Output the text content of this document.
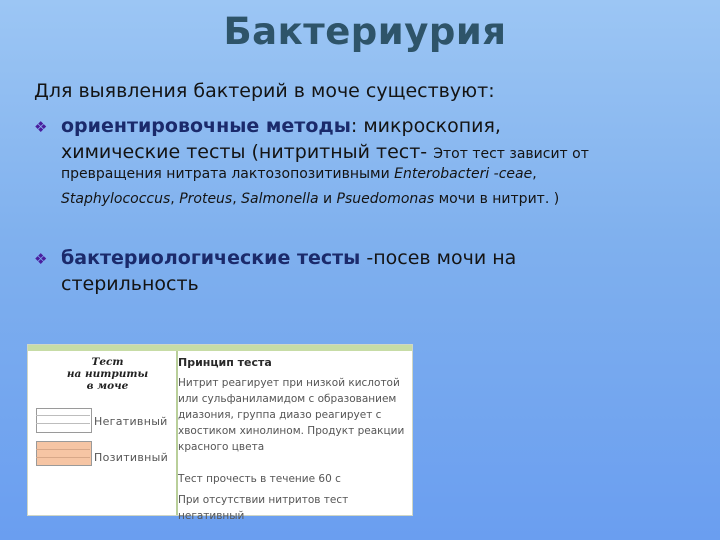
Бактериурия
Для выявления бактерий в моче существуют:
❖ ориентировочные методы: микроскопия,
химические тесты (нитритный тест- Этот тест зависит от
превращения нитрата лактозопозитивными Enterobacteri -ceae,
Staphylococcus, Proteus, Salmonella и Psuedomonas мочи в нитрит. )
❖ бактериологические тесты -посев мочи на
стерильность
Тест
на нитриты
в моче
Негативный
Позитивный
Принцип теста
Нитрит реагирует при низкой кислотой или сульфаниламидом с образованием диазония, группа диазо реагирует с хвостиком хинолином. Продукт реакции красного цвета
Тест прочесть в течение 60 с
При отсутствии нитритов тест негативный
